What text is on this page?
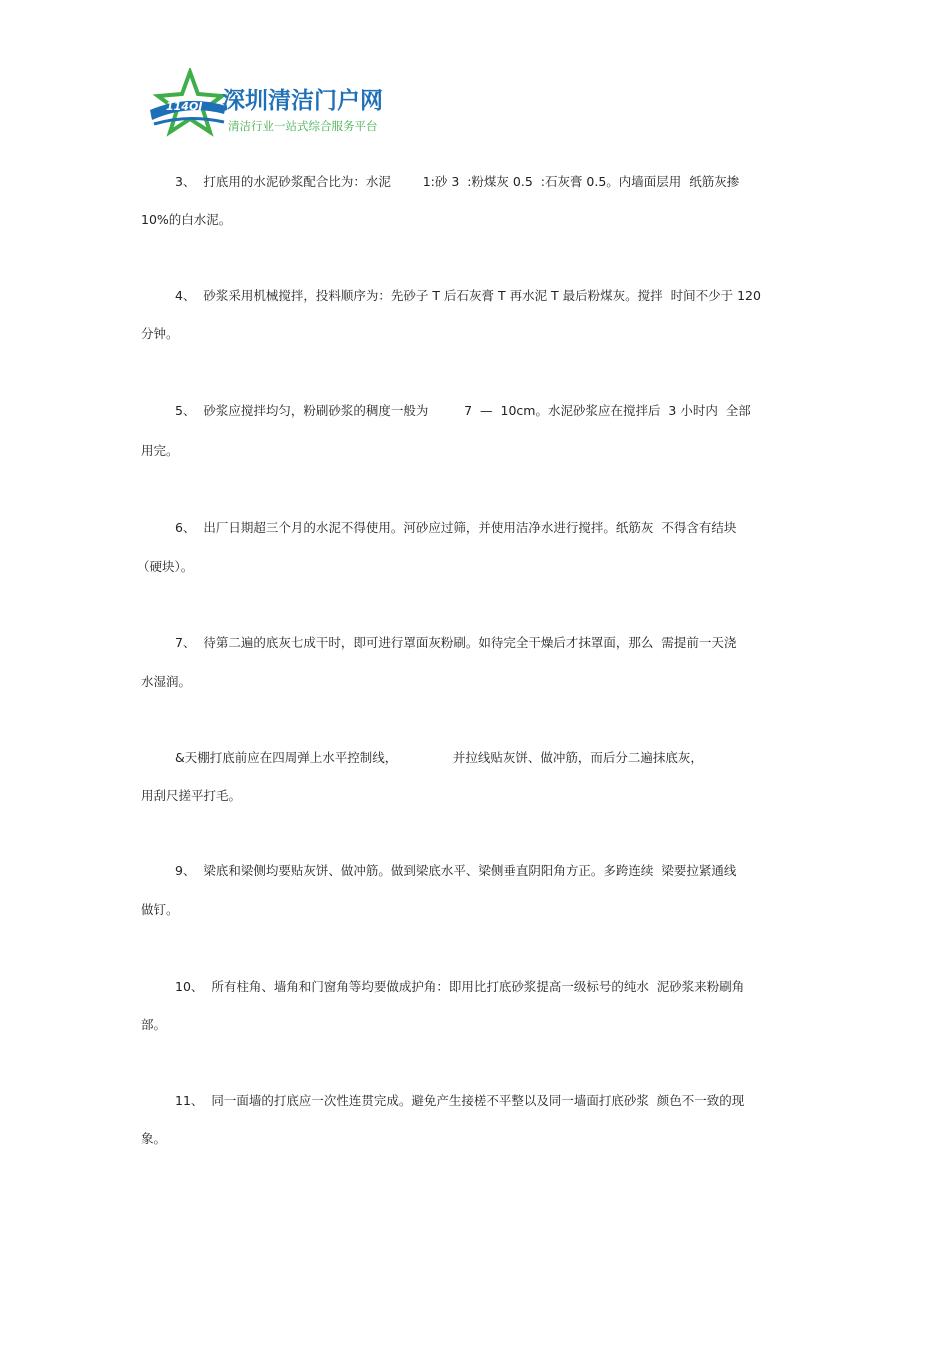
114QJ 深圳清洁门户网
清洁行业一站式综合服务平台
3、  打底用的水泥砂浆配合比为：水泥        1:砂 3  :粉煤灰 0.5  :石灰膏 0.5。内墙面层用  纸筋灰掺
10%的白水泥。
4、  砂浆采用机械搅拌，投料顺序为：先砂子 T 后石灰膏 T 再水泥 T 最后粉煤灰。搅拌  时间不少于 120
分钟。
5、  砂浆应搅拌均匀，粉刷砂浆的稠度一般为         7  —  10cm。水泥砂浆应在搅拌后  3 小时内  全部
用完。
6、  出厂日期超三个月的水泥不得使用。河砂应过筛，并使用洁净水进行搅拌。纸筋灰  不得含有结块
（硬块）。
7、  待第二遍的底灰七成干时，即可进行罩面灰粉刷。如待完全干燥后才抹罩面，那么  需提前一天浇
水湿润。
&天棚打底前应在四周弹上水平控制线，              并拉线贴灰饼、做冲筋，而后分二遍抹底灰，
用刮尺搓平打毛。
9、  梁底和梁侧均要贴灰饼、做冲筋。做到梁底水平、梁侧垂直阴阳角方正。多跨连续  梁要拉紧通线
做钉。
10、  所有柱角、墙角和门窗角等均要做成护角：即用比打底砂浆提高一级标号的纯水  泥砂浆来粉刷角
部。
11、  同一面墙的打底应一次性连贯完成。避免产生接槎不平整以及同一墙面打底砂浆  颜色不一致的现
象。
